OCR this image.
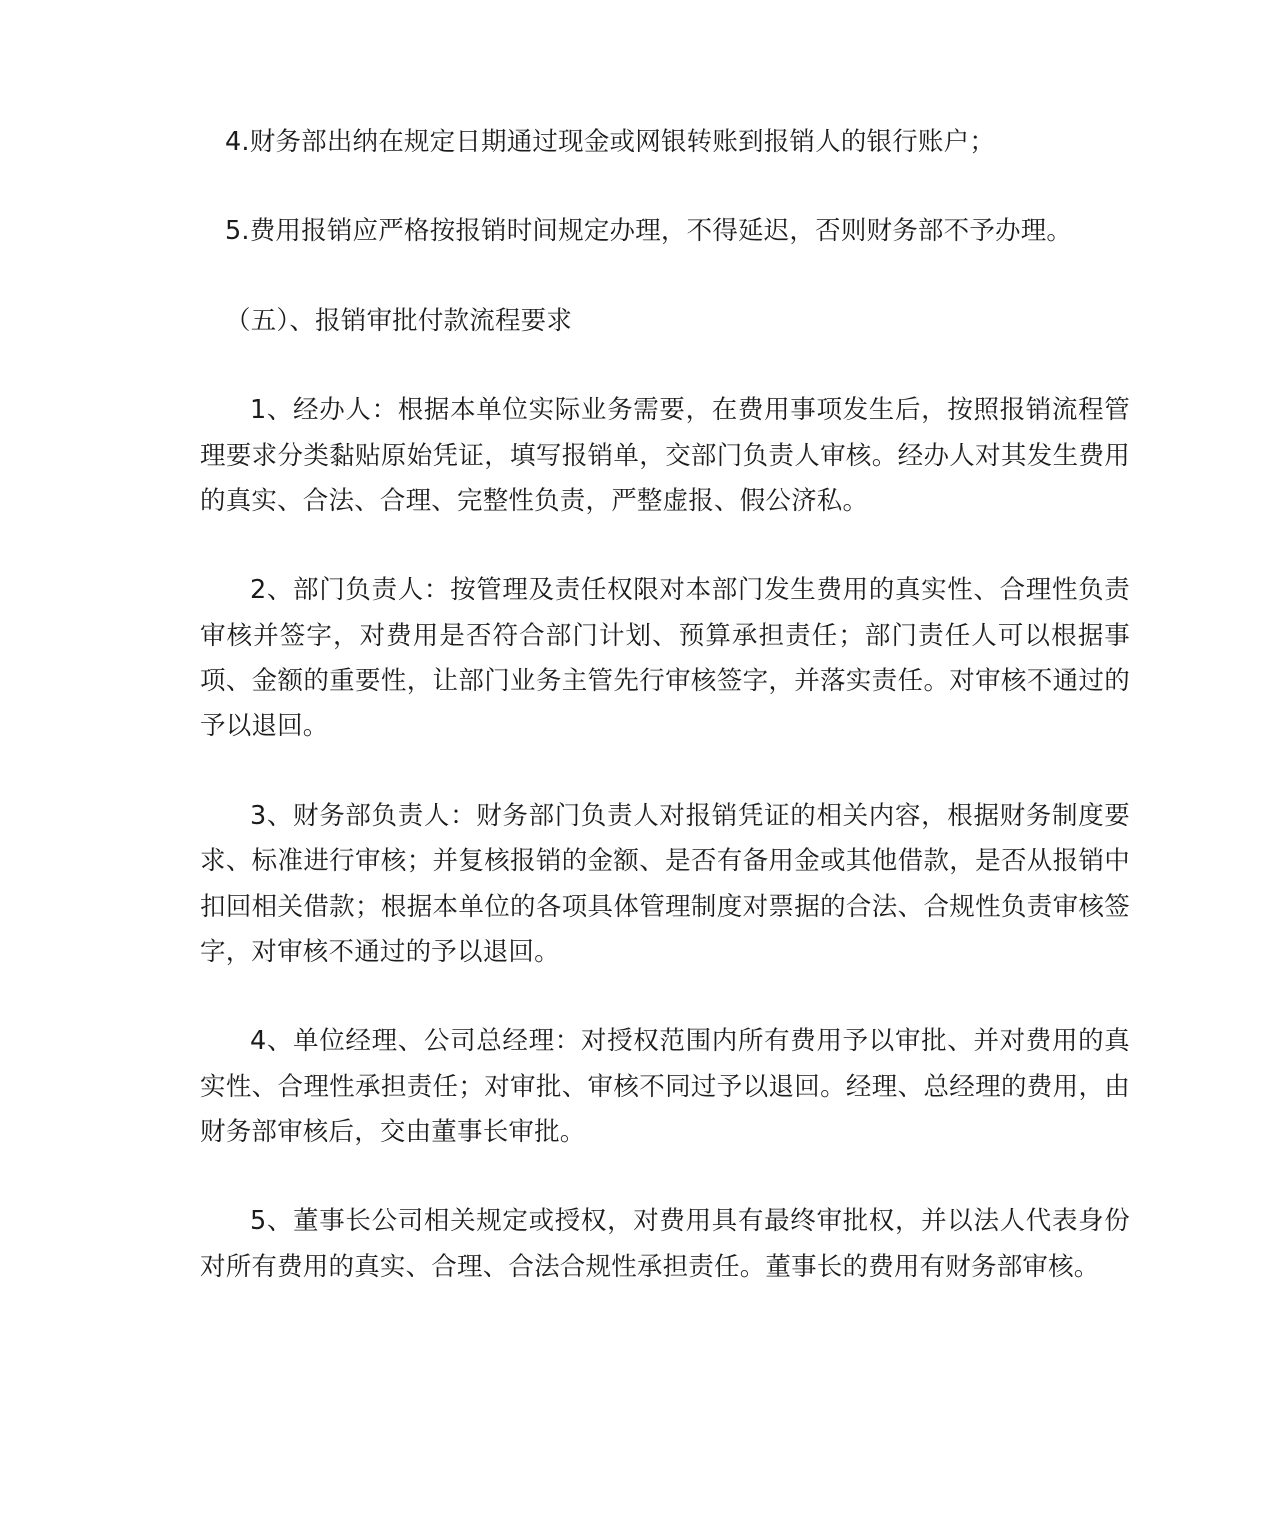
4.财务部出纳在规定日期通过现金或网银转账到报销人的银行账户；

5.费用报销应严格按报销时间规定办理，不得延迟，否则财务部不予办理。

（五）、报销审批付款流程要求

1、经办人：根据本单位实际业务需要，在费用事项发生后，按照报销流程管理要求分类黏贴原始凭证，填写报销单，交部门负责人审核。经办人对其发生费用的真实、合法、合理、完整性负责，严整虚报、假公济私。

2、部门负责人：按管理及责任权限对本部门发生费用的真实性、合理性负责审核并签字，对费用是否符合部门计划、预算承担责任；部门责任人可以根据事项、金额的重要性，让部门业务主管先行审核签字，并落实责任。对审核不通过的予以退回。

3、财务部负责人：财务部门负责人对报销凭证的相关内容，根据财务制度要求、标准进行审核；并复核报销的金额、是否有备用金或其他借款，是否从报销中扣回相关借款；根据本单位的各项具体管理制度对票据的合法、合规性负责审核签字，对审核不通过的予以退回。

4、单位经理、公司总经理：对授权范围内所有费用予以审批、并对费用的真实性、合理性承担责任；对审批、审核不同过予以退回。经理、总经理的费用，由财务部审核后，交由董事长审批。

5、董事长公司相关规定或授权，对费用具有最终审批权，并以法人代表身份对所有费用的真实、合理、合法合规性承担责任。董事长的费用有财务部审核。
